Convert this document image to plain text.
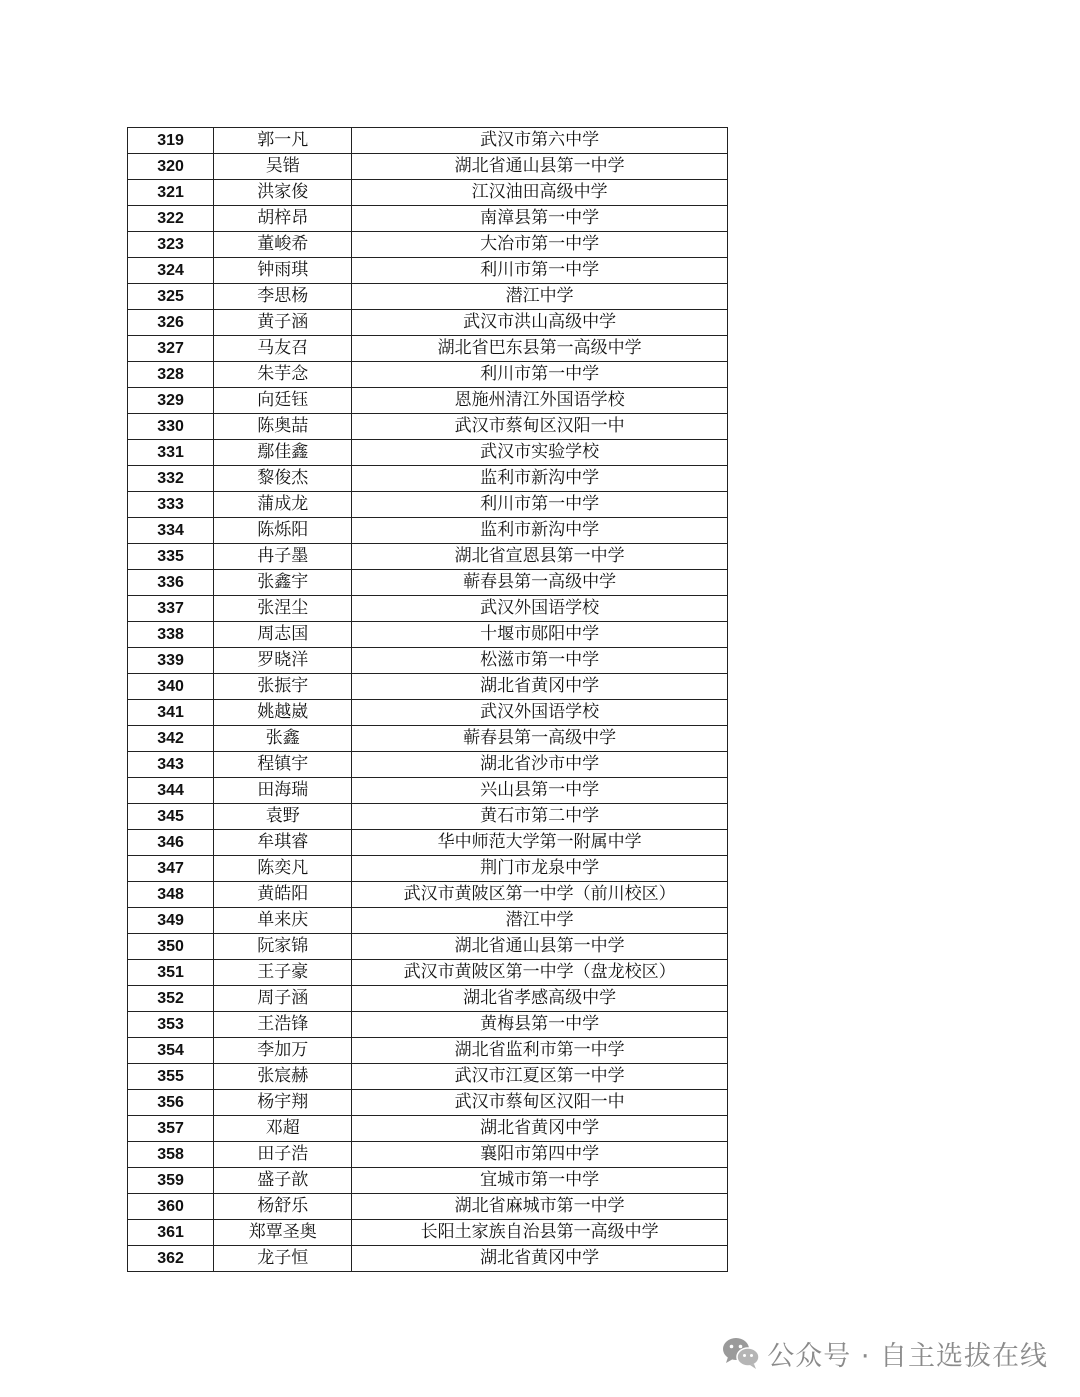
319	郭一凡	武汉市第六中学
320	吴锴	湖北省通山县第一中学
321	洪家俊	江汉油田高级中学
322	胡梓昂	南漳县第一中学
323	董峻希	大冶市第一中学
324	钟雨琪	利川市第一中学
325	李思杨	潜江中学
326	黄子涵	武汉市洪山高级中学
327	马友召	湖北省巴东县第一高级中学
328	朱芋念	利川市第一中学
329	向廷钰	恩施州清江外国语学校
330	陈奥喆	武汉市蔡甸区汉阳一中
331	鄢佳鑫	武汉市实验学校
332	黎俊杰	监利市新沟中学
333	蒲成龙	利川市第一中学
334	陈烁阳	监利市新沟中学
335	冉子墨	湖北省宣恩县第一中学
336	张鑫宇	蕲春县第一高级中学
337	张涅尘	武汉外国语学校
338	周志国	十堰市郧阳中学
339	罗晓洋	松滋市第一中学
340	张振宇	湖北省黄冈中学
341	姚越崴	武汉外国语学校
342	张鑫	蕲春县第一高级中学
343	程镇宇	湖北省沙市中学
344	田海瑞	兴山县第一中学
345	袁野	黄石市第二中学
346	牟琪睿	华中师范大学第一附属中学
347	陈奕凡	荆门市龙泉中学
348	黄皓阳	武汉市黄陂区第一中学（前川校区）
349	单来庆	潜江中学
350	阮家锦	湖北省通山县第一中学
351	王子豪	武汉市黄陂区第一中学（盘龙校区）
352	周子涵	湖北省孝感高级中学
353	王浩锋	黄梅县第一中学
354	李加万	湖北省监利市第一中学
355	张宸赫	武汉市江夏区第一中学
356	杨宇翔	武汉市蔡甸区汉阳一中
357	邓超	湖北省黄冈中学
358	田子浩	襄阳市第四中学
359	盛子歆	宜城市第一中学
360	杨舒乐	湖北省麻城市第一中学
361	郑覃圣奥	长阳土家族自治县第一高级中学
362	龙子恒	湖北省黄冈中学
公众号 · 自主选拔在线
